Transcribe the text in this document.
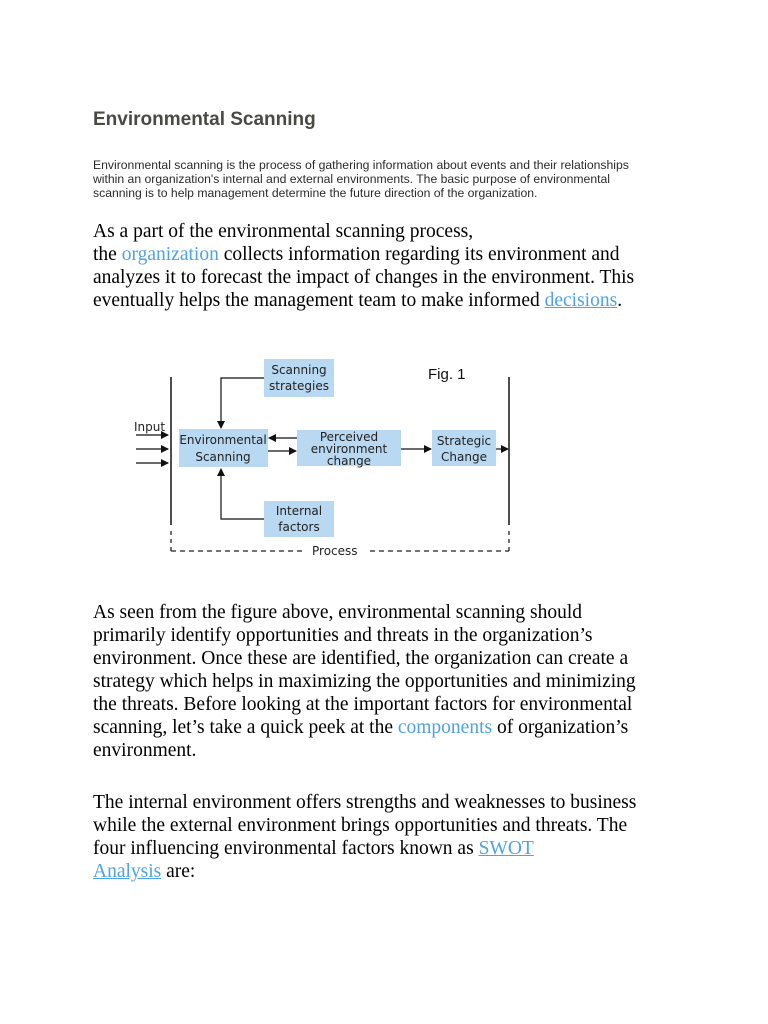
Environmental Scanning

Environmental scanning is the process of gathering information about events and their relationships
within an organization's internal and external environments. The basic purpose of environmental
scanning is to help management determine the future direction of the organization.

As a part of the environmental scanning process,
the organization collects information regarding its environment and
analyzes it to forecast the impact of changes in the environment. This
eventually helps the management team to make informed decisions.

Process
Fig. 1
Input
Scanning
strategies
Environmental
Scanning
Perceived
environment
change
Strategic
Change
Internal
factors

As seen from the figure above, environmental scanning should
primarily identify opportunities and threats in the organization’s
environment. Once these are identified, the organization can create a
strategy which helps in maximizing the opportunities and minimizing
the threats. Before looking at the important factors for environmental
scanning, let’s take a quick peek at the components of organization’s
environment.

The internal environment offers strengths and weaknesses to business
while the external environment brings opportunities and threats. The
four influencing environmental factors known as SWOT
Analysis are:
